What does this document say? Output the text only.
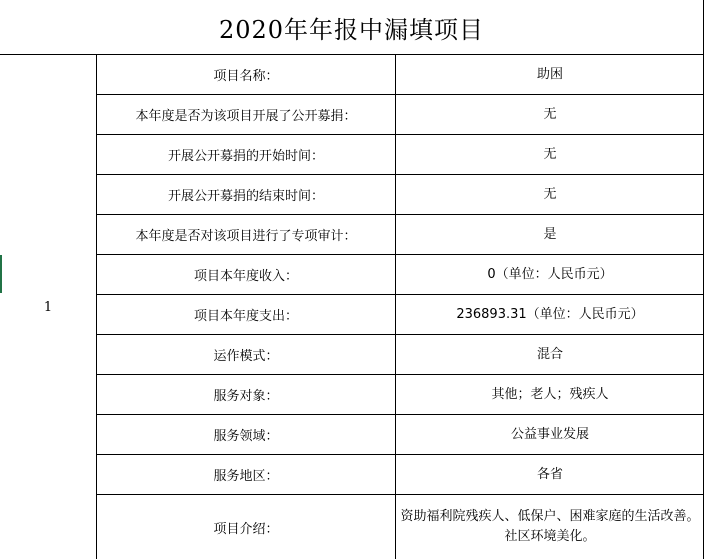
2020年年报中漏填项目
1
项目名称：	助困
本年度是否为该项目开展了公开募捐：	无
开展公开募捐的开始时间：	无
开展公开募捐的结束时间：	无
本年度是否对该项目进行了专项审计：	是
项目本年度收入：	0（单位：人民币元）
项目本年度支出：	236893.31（单位：人民币元）
运作模式：	混合
服务对象：	其他；老人；残疾人
服务领域：	公益事业发展
服务地区：	各省
项目介绍：
资助福利院残疾人、低保户、困难家庭的生活改善。社区环境美化。
